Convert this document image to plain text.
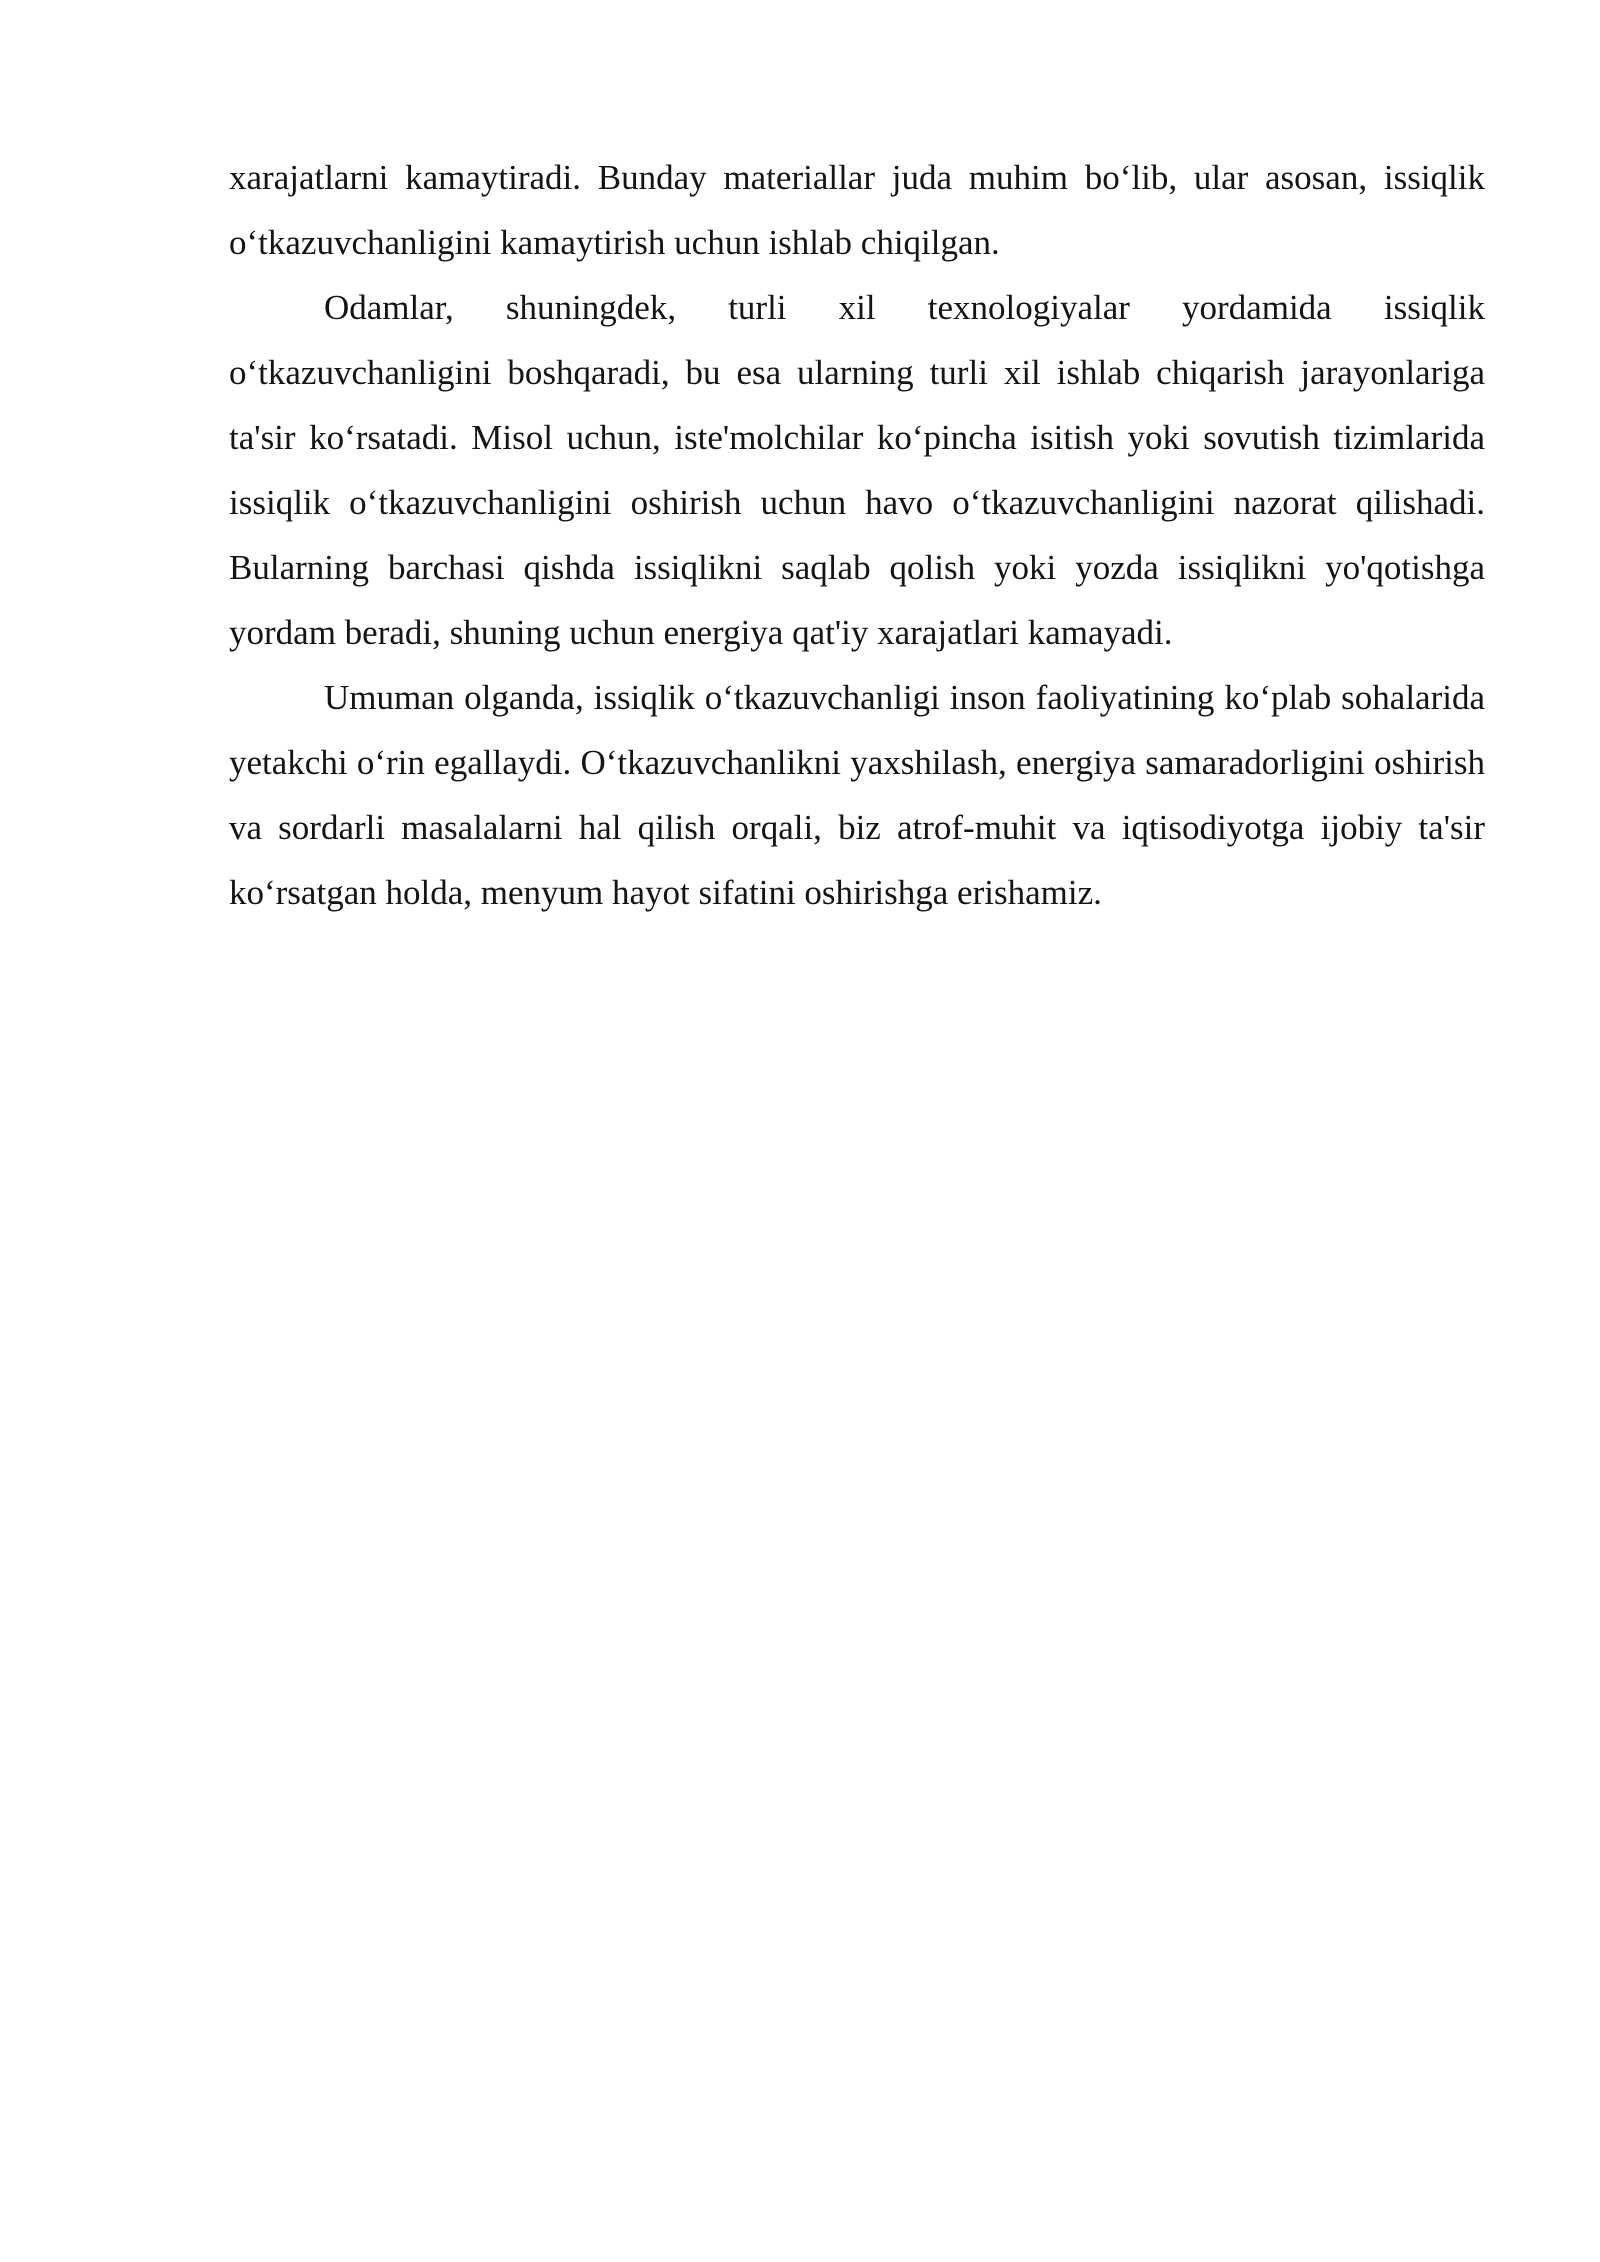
xarajatlarni kamaytiradi. Bunday materiallar juda muhim bo‘lib, ular asosan, issiqlik o‘tkazuvchanligini kamaytirish uchun ishlab chiqilgan.

Odamlar, shuningdek, turli xil texnologiyalar yordamida issiqlik o‘tkazuvchanligini boshqaradi, bu esa ularning turli xil ishlab chiqarish jarayonlariga ta'sir ko‘rsatadi. Misol uchun, iste'molchilar ko‘pincha isitish yoki sovutish tizimlarida issiqlik o‘tkazuvchanligini oshirish uchun havo o‘tkazuvchanligini nazorat qilishadi. Bularning barchasi qishda issiqlikni saqlab qolish yoki yozda issiqlikni yo'qotishga yordam beradi, shuning uchun energiya qat'iy xarajatlari kamayadi.

Umuman olganda, issiqlik o‘tkazuvchanligi inson faoliyatining ko‘plab sohalarida yetakchi o‘rin egallaydi. O‘tkazuvchanlikni yaxshilash, energiya samaradorligini oshirish va sordarli masalalarni hal qilish orqali, biz atrof-muhit va iqtisodiyotga ijobiy ta'sir ko‘rsatgan holda, menyum hayot sifatini oshirishga erishamiz.
